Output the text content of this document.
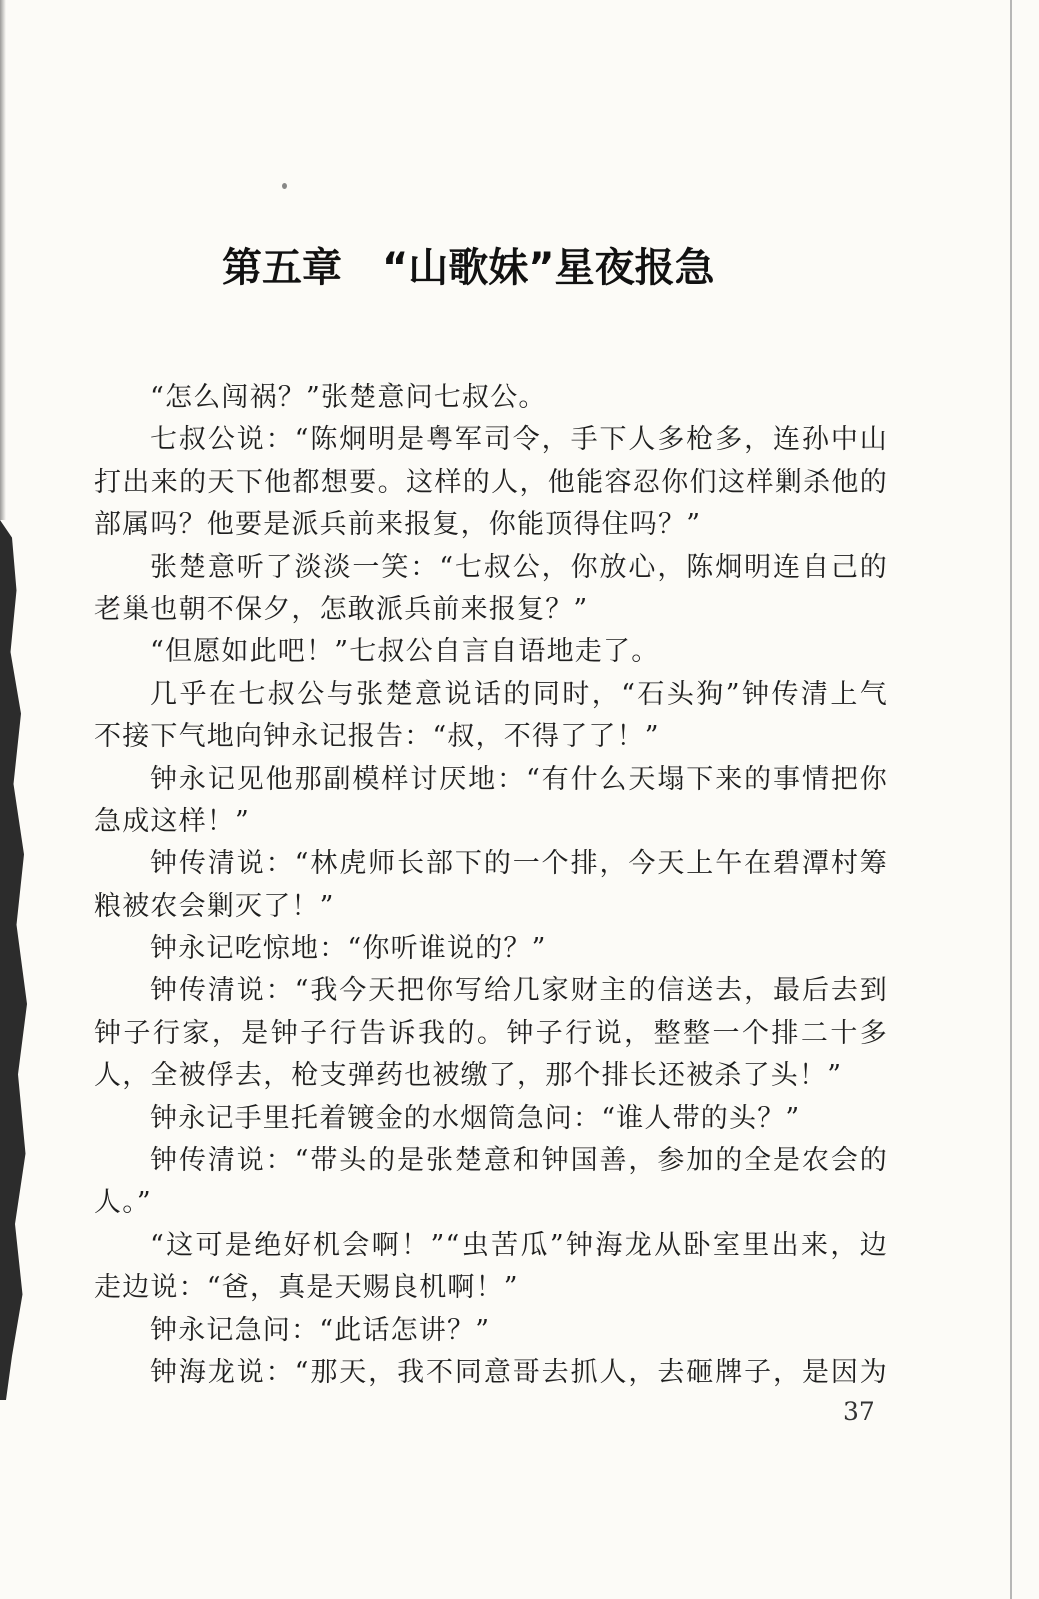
第五章 “山歌妹”星夜报急
“怎么闯祸？”张楚意问七叔公。
七叔公说：“陈炯明是粤军司令，手下人多枪多，连孙中山
打出来的天下他都想要。这样的人，他能容忍你们这样剿杀他的
部属吗？他要是派兵前来报复，你能顶得住吗？”
张楚意听了淡淡一笑：“七叔公，你放心，陈炯明连自己的
老巢也朝不保夕，怎敢派兵前来报复？”
“但愿如此吧！”七叔公自言自语地走了。
几乎在七叔公与张楚意说话的同时，“石头狗”钟传清上气
不接下气地向钟永记报告：“叔，不得了了！”
钟永记见他那副模样讨厌地：“有什么天塌下来的事情把你
急成这样！”
钟传清说：“林虎师长部下的一个排，今天上午在碧潭村筹
粮被农会剿灭了！”
钟永记吃惊地：“你听谁说的？”
钟传清说：“我今天把你写给几家财主的信送去，最后去到
钟子行家，是钟子行告诉我的。钟子行说，整整一个排二十多
人，全被俘去，枪支弹药也被缴了，那个排长还被杀了头！”
钟永记手里托着镀金的水烟筒急问：“谁人带的头？”
钟传清说：“带头的是张楚意和钟国善，参加的全是农会的
人。”
“这可是绝好机会啊！”“虫苦瓜”钟海龙从卧室里出来，边
走边说：“爸，真是天赐良机啊！”
钟永记急问：“此话怎讲？”
钟海龙说：“那天，我不同意哥去抓人，去砸牌子，是因为
37
